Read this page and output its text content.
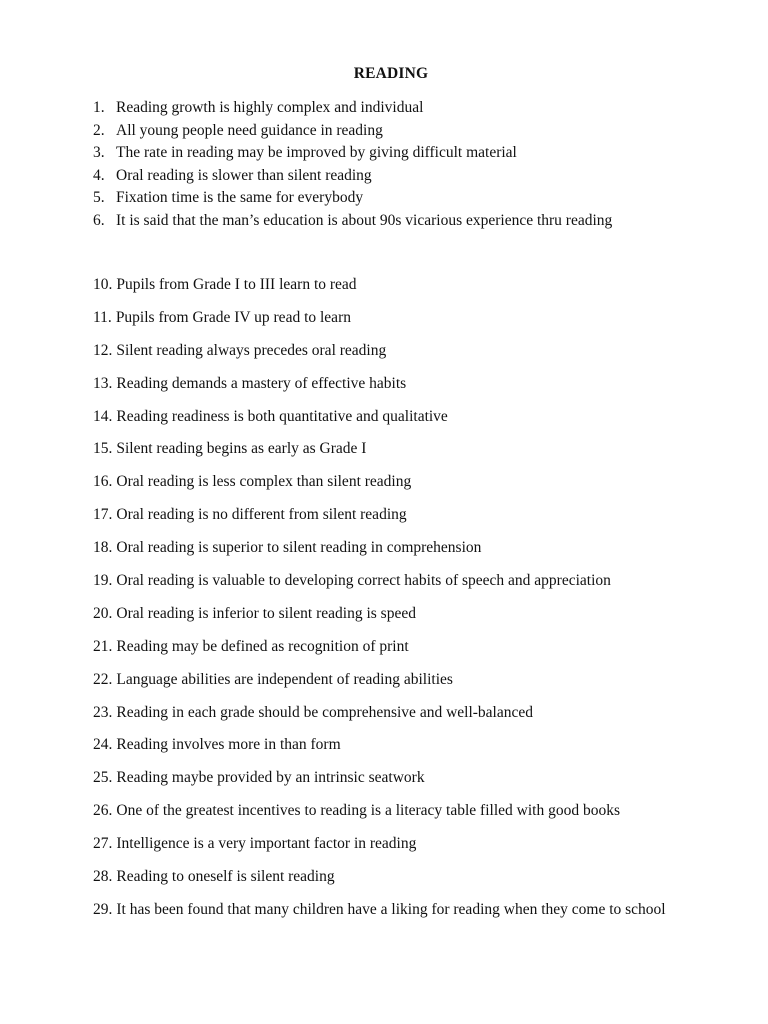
READING
1. Reading growth is highly complex and individual
2. All young people need guidance in reading
3. The rate in reading may be improved by giving difficult material
4. Oral reading is slower than silent reading
5. Fixation time is the same for everybody
6. It is said that the man’s education is about 90s vicarious experience thru reading
10. Pupils from Grade I to III learn to read
11. Pupils from Grade IV up read to learn
12. Silent reading always precedes oral reading
13. Reading demands a mastery of effective habits
14. Reading readiness is both quantitative and qualitative
15. Silent reading begins as early as Grade I
16. Oral reading is less complex than silent reading
17. Oral reading is no different from silent reading
18. Oral reading is superior to silent reading in comprehension
19. Oral reading is valuable to developing correct habits of speech and appreciation
20. Oral reading is inferior to silent reading is speed
21. Reading may be defined as recognition of print
22. Language abilities are independent of reading abilities
23. Reading in each grade should be comprehensive and well-balanced
24. Reading involves more in than form
25. Reading maybe provided by an intrinsic seatwork
26. One of the greatest incentives to reading is a literacy table filled with good books
27. Intelligence is a very important factor in reading
28. Reading to oneself is silent reading
29. It has been found that many children have a liking for reading when they come to school
